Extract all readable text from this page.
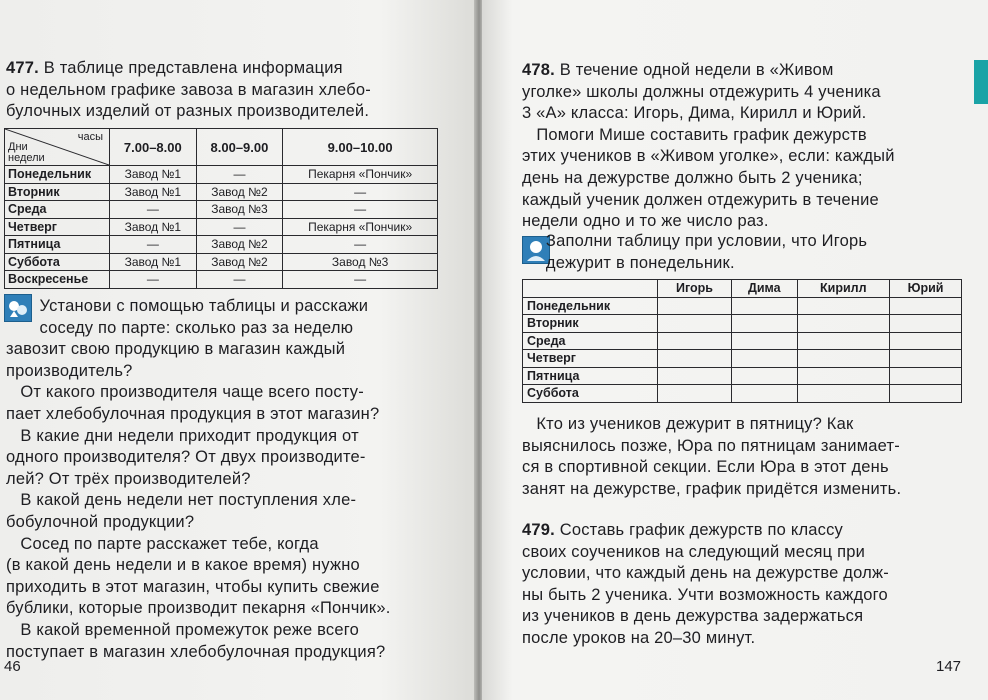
477. В таблице представлена информация
о недельном графике завоза в магазин хлебо-
булочных изделий от разных производителей.
часы
Дни недели	7.00–8.00	8.00–9.00	9.00–10.00
Понедельник	Завод №1	—	Пекарня «Пончик»
Вторник	Завод №1	Завод №2	—
Среда	—	Завод №3	—
Четверг	Завод №1	—	Пекарня «Пончик»
Пятница	—	Завод №2	—
Суббота	Завод №1	Завод №2	Завод №3
Воскресенье	—	—	—
Установи с помощью таблицы и расскажи
соседу по парте: сколько раз за неделю
завозит свою продукцию в магазин каждый
производитель?
От какого производителя чаще всего посту-
пает хлебобулочная продукция в этот магазин?
В какие дни недели приходит продукция от
одного производителя? От двух производите-
лей? От трёх производителей?
В какой день недели нет поступления хле-
бобулочной продукции?
Сосед по парте расскажет тебе, когда
(в какой день недели и в какое время) нужно
приходить в этот магазин, чтобы купить свежие
бублики, которые производит пекарня «Пончик».
В какой временной промежуток реже всего
поступает в магазин хлебобулочная продукция?
46
478. В течение одной недели в «Живом
уголке» школы должны отдежурить 4 ученика
3 «А» класса: Игорь, Дима, Кирилл и Юрий.
Помоги Мише составить график дежурств
этих учеников в «Живом уголке», если: каждый
день на дежурстве должно быть 2 ученика;
каждый ученик должен отдежурить в течение
недели одно и то же число раз.
Заполни таблицу при условии, что Игорь
дежурит в понедельник.
	Игорь	Дима	Кирилл	Юрий
Понедельник				
Вторник				
Среда				
Четверг				
Пятница				
Суббота				
Кто из учеников дежурит в пятницу? Как
выяснилось позже, Юра по пятницам занимает-
ся в спортивной секции. Если Юра в этот день
занят на дежурстве, график придётся изменить.
479. Составь график дежурств по классу
своих соучеников на следующий месяц при
условии, что каждый день на дежурстве долж-
ны быть 2 ученика. Учти возможность каждого
из учеников в день дежурства задержаться
после уроков на 20–30 минут.
147
